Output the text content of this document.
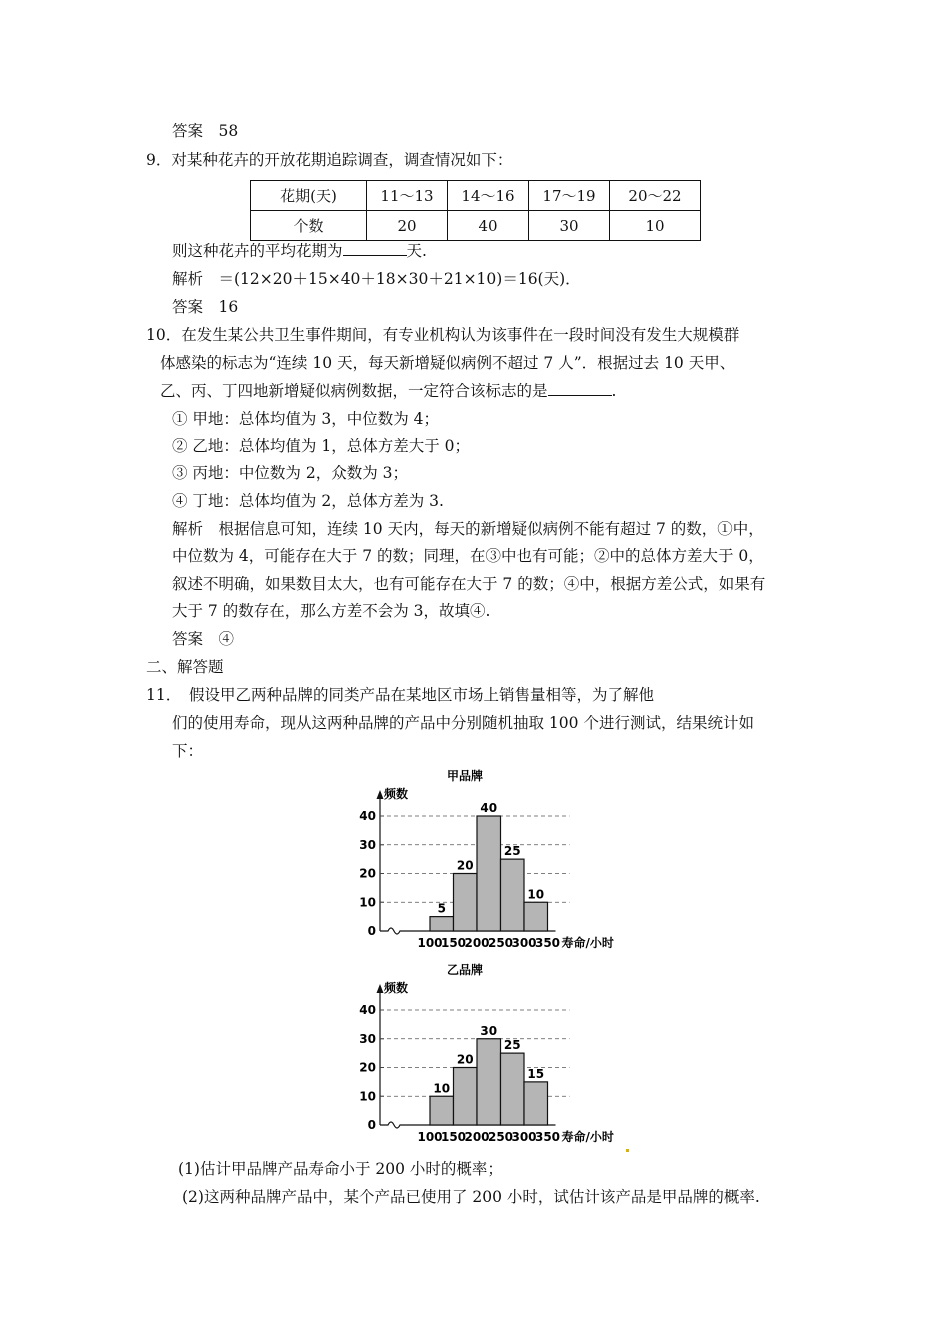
答案　58
9．对某种花卉的开放花期追踪调查，调查情况如下：
花期(天)	11～13	14～16	17～19	20～22
个数	20	40	30	10
则这种花卉的平均花期为	天.
解析　＝(12×20＋15×40＋18×30＋21×10)＝16(天)．
答案　16
10．在发生某公共卫生事件期间，有专业机构认为该事件在一段时间没有发生大规模群
体感染的标志为“连续 10 天，每天新增疑似病例不超过 7 人”．根据过去 10 天甲、
乙、丙、丁四地新增疑似病例数据，一定符合该标志的是	.
① 甲地：总体均值为 3，中位数为 4；
② 乙地：总体均值为 1，总体方差大于 0；
③ 丙地：中位数为 2，众数为 3；
④ 丁地：总体均值为 2，总体方差为 3.
解析　根据信息可知，连续 10 天内，每天的新增疑似病例不能有超过 7 的数，①中，
中位数为 4，可能存在大于 7 的数；同理，在③中也有可能；②中的总体方差大于 0，
叙述不明确，如果数目太大，也有可能存在大于 7 的数；④中，根据方差公式，如果有
大于 7 的数存在，那么方差不会为 3，故填④.
答案　④
二、解答题
11．　假设甲乙两种品牌的同类产品在某地区市场上销售量相等，为了解他
们的使用寿命，现从这两种品牌的产品中分别随机抽取 100 个进行测试，结果统计如
下：
甲品牌
频数
0
10
20
30
40
5
20
40
25
10
100
150
200
250
300
350 寿命/小时
乙品牌
频数
0
10
20
30
40
10
20
30
25
15
100
150
200
250
300
350 寿命/小时
(1)估计甲品牌产品寿命小于 200 小时的概率；
(2)这两种品牌产品中，某个产品已使用了 200 小时，试估计该产品是甲品牌的概率.
